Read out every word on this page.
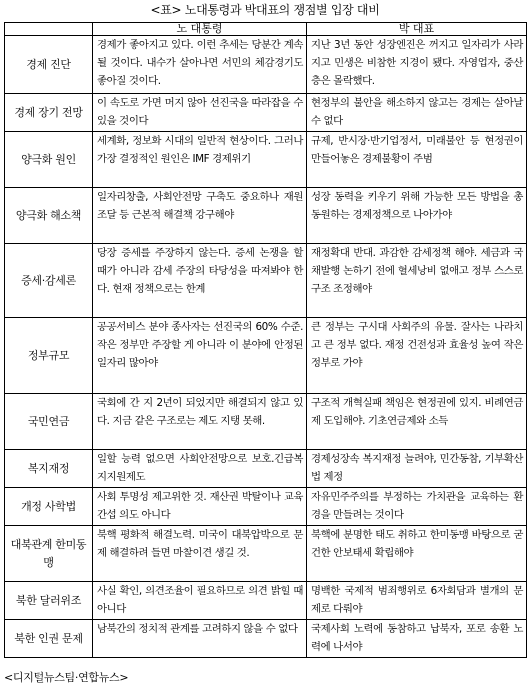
<표> 노대통령과 박대표의 쟁점별 입장 대비
	노 대통령	박 대표
경제 진단	경제가 좋아지고 있다. 이런 추세는 당분간 계속될 것이다. 내수가 살아나면 서민의 체감경기도 좋아질 것이다.	지난 3년 동안 성장엔진은 꺼지고 일자리가 사라지고 민생은 비참한 지경이 됐다. 자영업자, 중산층은 몰락했다.
경제 장기 전망	이 속도로 가면 머지 않아 선진국을 따라잡을 수 있을 것이다	현정부의 불안을 해소하지 않고는 경제는 살아날 수 없다
양극화 원인	세계화, 정보화 시대의 일반적 현상이다. 그러나 가장 결정적인 원인은 IMF 경제위기	규제, 반시장·반기업정서, 미래불안 등 현정권이 만들어놓은 경제불황이 주범
양극화 해소책	일자리창출, 사회안전망 구축도 중요하나 재원조달 등 근본적 해결책 강구해야	성장 동력을 키우기 위해 가능한 모든 방법을 총동원하는 경제정책으로 나아가야
증세·감세론	당장 증세를 주장하지 않는다. 증세 논쟁을 할 때가 아니라 감세 주장의 타당성을 따져봐야 한다. 현재 정책으로는 한계	재정확대 반대. 과감한 감세정책 해야. 세금과 국채발행 논하기 전에 혈세낭비 없애고 정부 스스로 구조 조정해야
정부규모	공공서비스 분야 종사자는 선진국의 60% 수준. 작은 정부만 주장할 게 아니라 이 분야에 안정된 일자리 많아야	큰 정부는 구시대 사회주의 유물. 잘사는 나라치고 큰 정부 없다. 재정 건전성과 효율성 높여 작은 정부로 가야
국민연금	국회에 간 지 2년이 되었지만 해결되지 않고 있다. 지금 같은 구조로는 제도 지탱 못해.	구조적 개혁실패 책임은 현정권에 있지. 비례연금제 도입해야. 기초연금제와 소득
복지재정	일할 능력 없으면 사회안전망으로 보호.긴급복지지원제도	경제성장속 복지재정 늘려야, 민간동참, 기부확산법 제정
개정 사학법	사회 투명성 제고위한 것. 재산권 박탈이나 교육 간섭 의도 아니다	자유민주주의를 부정하는 가치관을 교육하는 환경을 만들려는 것이다
대북관계 한미동맹	북핵 평화적 해결노력. 미국이 대북압박으로 문제 해결하려 들면 마찰이견 생길 것.	북핵에 분명한 태도 취하고 한미동맹 바탕으로 굳건한 안보태세 확립해야
북한 달러위조	사실 확인, 의견조율이 필요하므로 의견 밝힐 때 아니다	명백한 국제적 범죄행위로 6자회담과 별개의 문제로 다뤄야
북한 인권 문제	남북간의 정치적 관계를 고려하지 않을 수 없다	국제사회 노력에 동참하고 납북자, 포로 송환 노력에 나서야
<디지털뉴스팀·연합뉴스>
